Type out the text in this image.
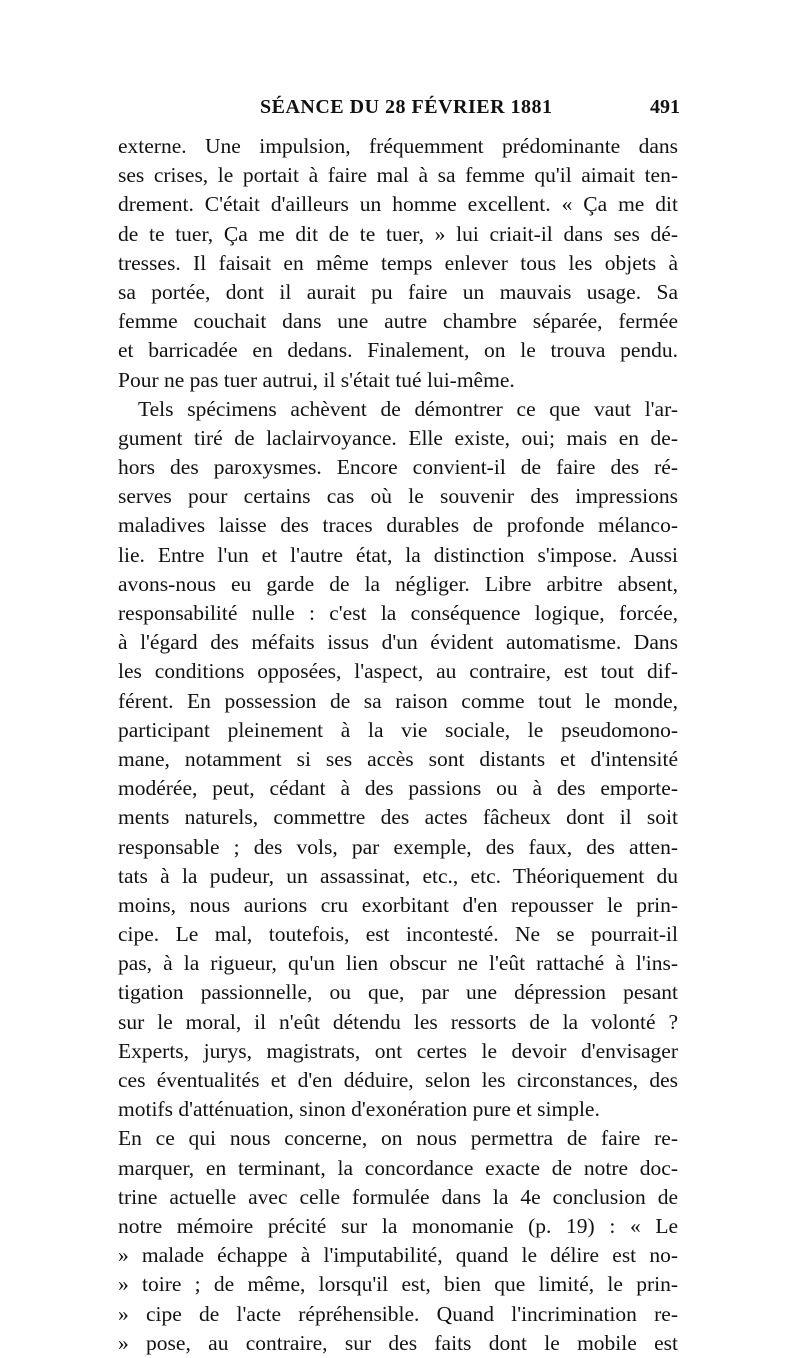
SÉANCE DU 28 FÉVRIER 1881	491
externe. Une impulsion, fréquemment prédominante dans
ses crises, le portait à faire mal à sa femme qu'il aimait ten-
drement. C'était d'ailleurs un homme excellent. « Ça me dit
de te tuer, Ça me dit de te tuer, » lui criait-il dans ses dé-
tresses. Il faisait en même temps enlever tous les objets à
sa portée, dont il aurait pu faire un mauvais usage. Sa
femme couchait dans une autre chambre séparée, fermée
et barricadée en dedans. Finalement, on le trouva pendu.
Pour ne pas tuer autrui, il s'était tué lui-même.
Tels spécimens achèvent de démontrer ce que vaut l'ar-
gument tiré de laclairvoyance. Elle existe, oui; mais en de-
hors des paroxysmes. Encore convient-il de faire des ré-
serves pour certains cas où le souvenir des impressions
maladives laisse des traces durables de profonde mélanco-
lie. Entre l'un et l'autre état, la distinction s'impose. Aussi
avons-nous eu garde de la négliger. Libre arbitre absent,
responsabilité nulle : c'est la conséquence logique, forcée,
à l'égard des méfaits issus d'un évident automatisme. Dans
les conditions opposées, l'aspect, au contraire, est tout dif-
férent. En possession de sa raison comme tout le monde,
participant pleinement à la vie sociale, le pseudomono-
mane, notamment si ses accès sont distants et d'intensité
modérée, peut, cédant à des passions ou à des emporte-
ments naturels, commettre des actes fâcheux dont il soit
responsable ; des vols, par exemple, des faux, des atten-
tats à la pudeur, un assassinat, etc., etc. Théoriquement du
moins, nous aurions cru exorbitant d'en repousser le prin-
cipe. Le mal, toutefois, est incontesté. Ne se pourrait-il
pas, à la rigueur, qu'un lien obscur ne l'eût rattaché à l'ins-
tigation passionnelle, ou que, par une dépression pesant
sur le moral, il n'eût détendu les ressorts de la volonté ?
Experts, jurys, magistrats, ont certes le devoir d'envisager
ces éventualités et d'en déduire, selon les circonstances, des
motifs d'atténuation, sinon d'exonération pure et simple.
En ce qui nous concerne, on nous permettra de faire re-
marquer, en terminant, la concordance exacte de notre doc-
trine actuelle avec celle formulée dans la 4e conclusion de
notre mémoire précité sur la monomanie (p. 19) : « Le
» malade échappe à l'imputabilité, quand le délire est no-
» toire ; de même, lorsqu'il est, bien que limité, le prin-
» cipe de l'acte répréhensible. Quand l'incrimination re-
» pose, au contraire, sur des faits dont le mobile est
